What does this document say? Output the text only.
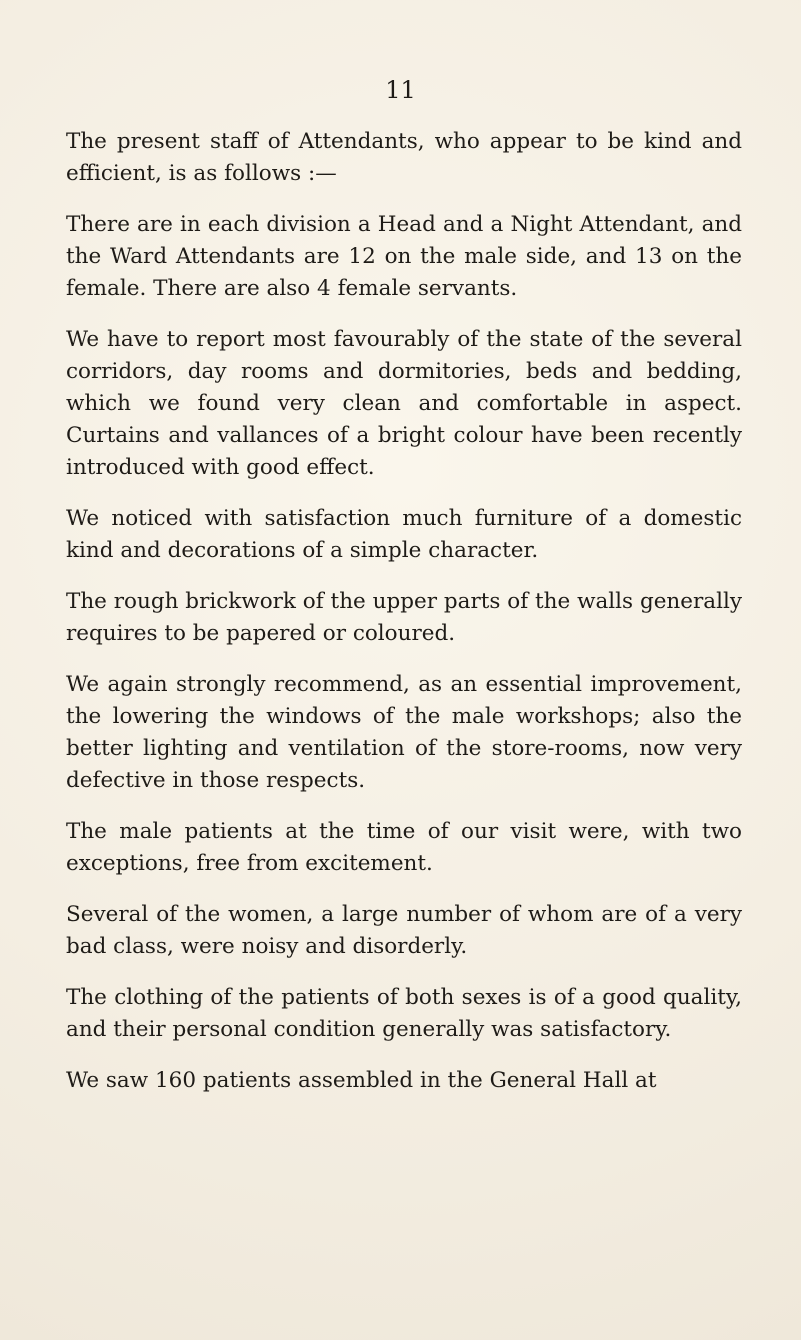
11

The present staff of Attendants, who appear to be kind and efficient, is as follows :—

There are in each division a Head and a Night Attendant, and the Ward Attendants are 12 on the male side, and 13 on the female. There are also 4 female servants.

We have to report most favourably of the state of the several corridors, day rooms and dormitories, beds and bedding, which we found very clean and comfortable in aspect. Curtains and vallances of a bright colour have been recently introduced with good effect.

We noticed with satisfaction much furniture of a domestic kind and decorations of a simple character.

The rough brickwork of the upper parts of the walls generally requires to be papered or coloured.

We again strongly recommend, as an essential improvement, the lowering the windows of the male workshops; also the better lighting and ventilation of the store-rooms, now very defective in those respects.

The male patients at the time of our visit were, with two exceptions, free from excitement.

Several of the women, a large number of whom are of a very bad class, were noisy and disorderly.

The clothing of the patients of both sexes is of a good quality, and their personal condition generally was satisfactory.

We saw 160 patients assembled in the General Hall at
